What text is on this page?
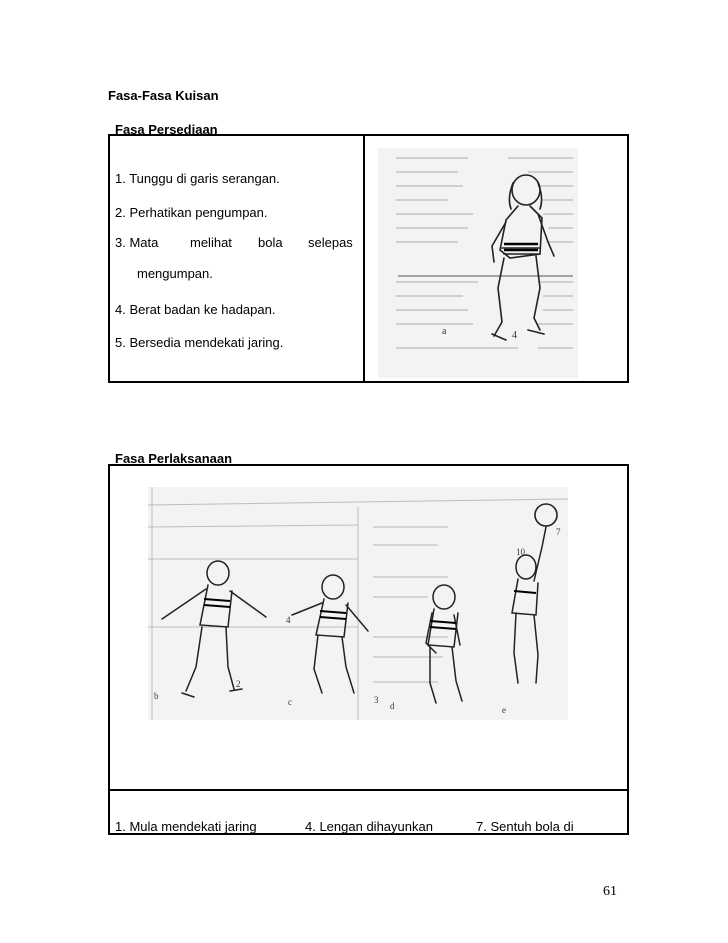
Fasa-Fasa Kuisan
Fasa Persediaan
1. Tunggu di garis serangan.
2. Perhatikan pengumpan.
3. Mata melihat bola selepas
mengumpan.
4. Berat badan ke hadapan.
5. Bersedia mendekati jaring.
a	4
Fasa Perlaksanaan
b
2
4
c	3
d
10
7
e
1. Mula mendekati jaring	4. Lengan dihayunkan	7. Sentuh bola di
61
